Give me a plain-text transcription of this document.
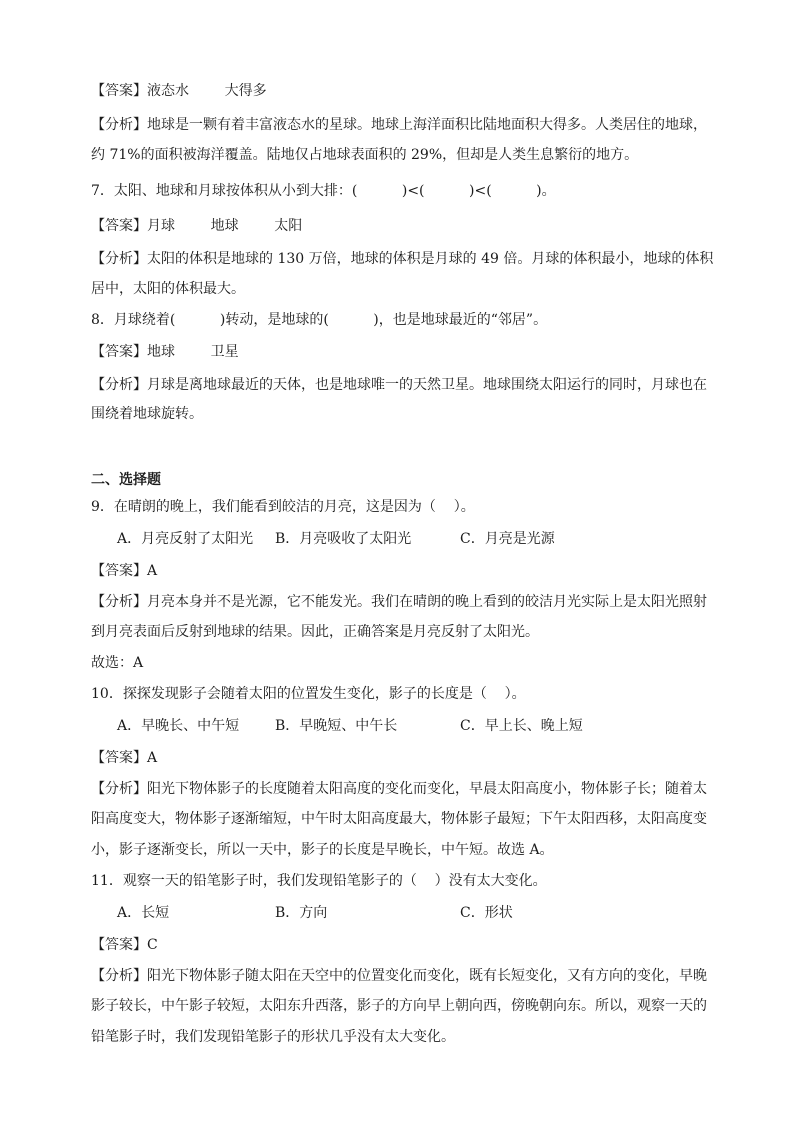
【答案】液态水        大得多
【分析】地球是一颗有着丰富液态水的星球。地球上海洋面积比陆地面积大得多。人类居住的地球，
约 71%的面积被海洋覆盖。陆地仅占地球表面积的 29%，但却是人类生息繁衍的地方。
7．太阳、地球和月球按体积从小到大排：(          )<(          )<(          )。
【答案】月球        地球        太阳
【分析】太阳的体积是地球的 130 万倍，地球的体积是月球的 49 倍。月球的体积最小，地球的体积
居中，太阳的体积最大。
8．月球绕着(          )转动，是地球的(          )，也是地球最近的“邻居”。
【答案】地球        卫星
【分析】月球是离地球最近的天体，也是地球唯一的天然卫星。地球围绕太阳运行的同时，月球也在
围绕着地球旋转。
二、选择题
9．在晴朗的晚上，我们能看到皎洁的月亮，这是因为（    ）。

A．月亮反射了太阳光

B．月亮吸收了太阳光

	C．月亮是光源

【答案】A
【分析】月亮本身并不是光源，它不能发光。我们在晴朗的晚上看到的皎洁月光实际上是太阳光照射
到月亮表面后反射到地球的结果。因此，正确答案是月亮反射了太阳光。
故选：A
10．探探发现影子会随着太阳的位置发生变化，影子的长度是（    ）。

A．早晚长、中午短

	B．早晚短、中午长

	C．早上长、晚上短

【答案】A
【分析】阳光下物体影子的长度随着太阳高度的变化而变化，早晨太阳高度小，物体影子长；随着太
阳高度变大，物体影子逐渐缩短，中午时太阳高度最大，物体影子最短；下午太阳西移，太阳高度变
小，影子逐渐变长，所以一天中，影子的长度是早晚长，中午短。故选 A。
11．观察一天的铅笔影子时，我们发现铅笔影子的（    ）没有太大变化。

A．长短

	B．方向

	C．形状

【答案】C
【分析】阳光下物体影子随太阳在天空中的位置变化而变化，既有长短变化，又有方向的变化，早晚
影子较长，中午影子较短，太阳东升西落，影子的方向早上朝向西，傍晚朝向东。所以，观察一天的
铅笔影子时，我们发现铅笔影子的形状几乎没有太大变化。
